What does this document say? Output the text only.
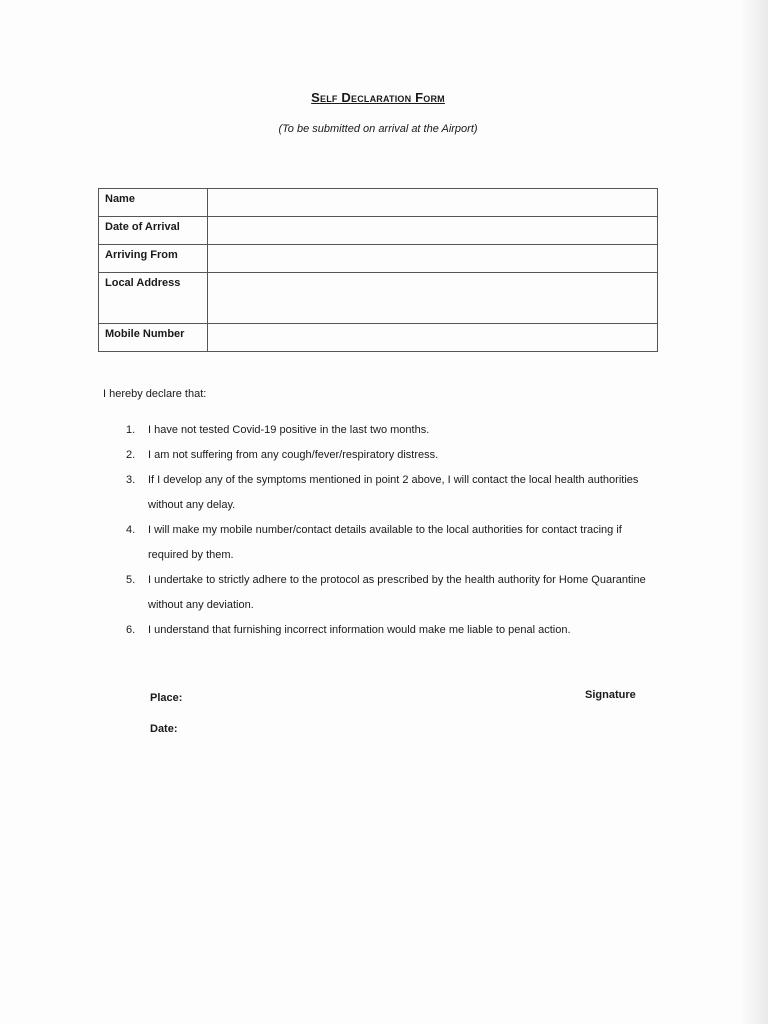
Self Declaration Form
(To be submitted on arrival at the Airport)
Name	
Date of Arrival	
Arriving From	
Local Address	
Mobile Number	
I hereby declare that:
1. I have not tested Covid-19 positive in the last two months.
2. I am not suffering from any cough/fever/respiratory distress.
3. If I develop any of the symptoms mentioned in point 2 above, I will contact the local health authorities without any delay.
4. I will make my mobile number/contact details available to the local authorities for contact tracing if required by them.
5. I undertake to strictly adhere to the protocol as prescribed by the health authority for Home Quarantine without any deviation.
6. I understand that furnishing incorrect information would make me liable to penal action.
Place:
Date:
Signature
